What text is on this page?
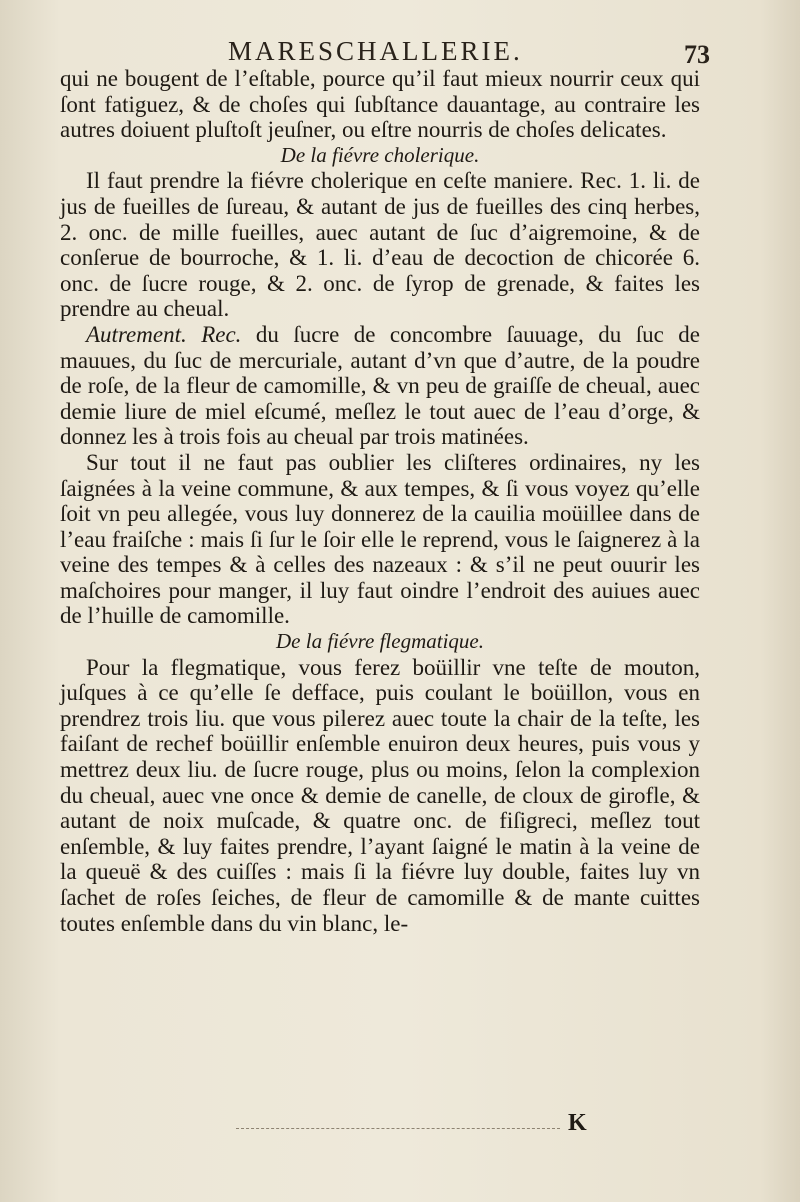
MARESCHALLERIE.	73

qui ne bougent de l’eſtable, pource qu’il faut mieux nourrir ceux qui ſont fatiguez, & de choſes qui ſubſtance dauantage, au contraire les autres doiuent pluſtoſt jeuſner, ou eſtre nourris de choſes delicates.

De la fiévre cholerique.

Il faut prendre la fiévre cholerique en ceſte maniere. Rec. 1. li. de jus de fueilles de ſureau, & autant de jus de fueilles des cinq herbes, 2. onc. de mille fueilles, auec autant de ſuc d’aigremoine, & de conſerue de bourroche, & 1. li. d’eau de decoction de chicorée 6. onc. de ſucre rouge, & 2. onc. de ſyrop de grenade, & faites les prendre au cheual.

Autrement. Rec. du ſucre de concombre ſauuage, du ſuc de mauues, du ſuc de mercuriale, autant d’vn que d’autre, de la poudre de roſe, de la fleur de camomille, & vn peu de graiſſe de cheual, auec demie liure de miel eſcumé, meſlez le tout auec de l’eau d’orge, & donnez les à trois fois au cheual par trois matinées.

Sur tout il ne faut pas oublier les cliſteres ordinaires, ny les ſaignées à la veine commune, & aux tempes, & ſi vous voyez qu’elle ſoit vn peu allegée, vous luy donnerez de la cauilia moüillee dans de l’eau fraiſche : mais ſi ſur le ſoir elle le reprend, vous le ſaignerez à la veine des tempes & à celles des nazeaux : & s’il ne peut ouurir les maſchoires pour manger, il luy faut oindre l’endroit des auiues auec de l’huille de camomille.

De la fiévre flegmatique.

Pour la flegmatique, vous ferez boüillir vne teſte de mouton, juſques à ce qu’elle ſe defface, puis coulant le boüillon, vous en prendrez trois liu. que vous pilerez auec toute la chair de la teſte, les faiſant de rechef boüillir enſemble enuiron deux heures, puis vous y mettrez deux liu. de ſucre rouge, plus ou moins, ſelon la complexion du cheual, auec vne once & demie de canelle, de cloux de girofle, & autant de noix muſcade, & quatre onc. de fiſigreci, meſlez tout enſemble, & luy faites prendre, l’ayant ſaigné le matin à la veine de la queuë & des cuiſſes : mais ſi la fiévre luy double, faites luy vn ſachet de roſes ſeiches, de fleur de camomille & de mante cuittes toutes enſemble dans du vin blanc, le-

K
